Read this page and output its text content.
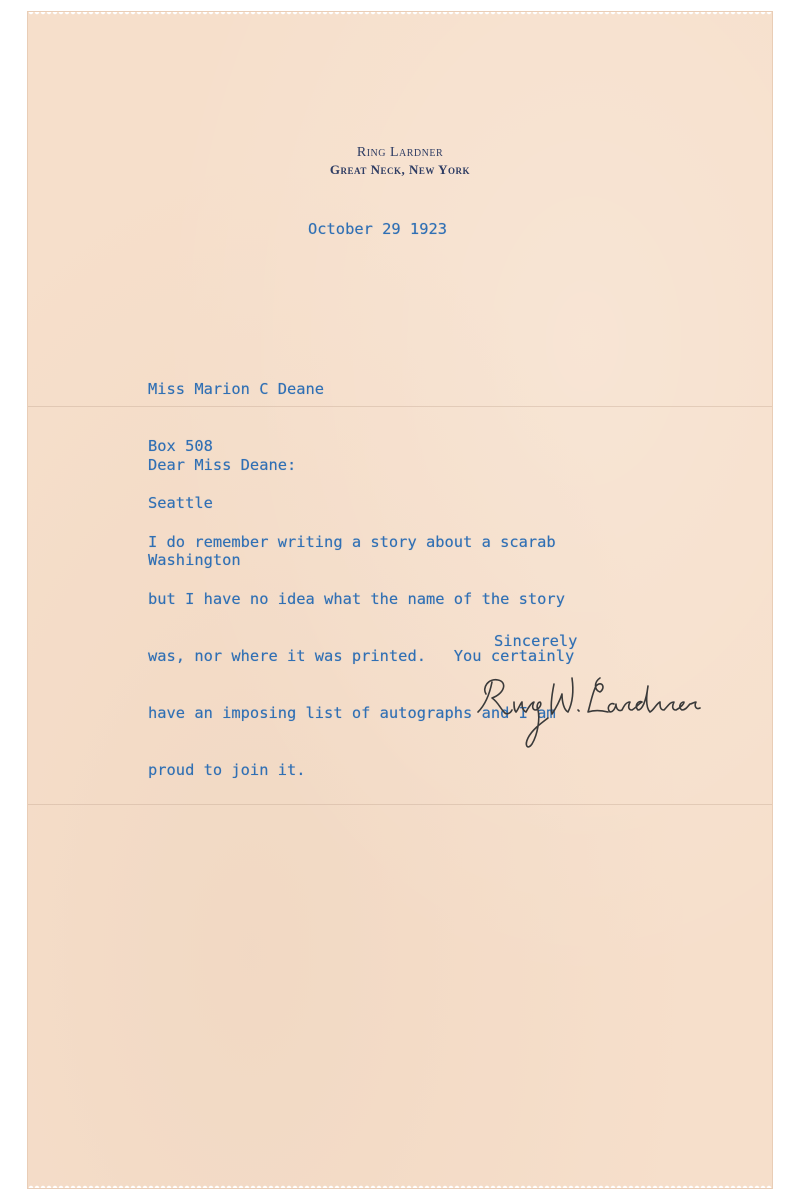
Ring Lardner
Great Neck, New York
October 29 1923

Miss Marion C Deane

Box 508

Seattle

Washington

Dear Miss Deane:

I do remember writing a story about a scarab

but I have no idea what the name of the story

was, nor where it was printed.   You certainly

have an imposing list of autographs and I am

proud to join it.

Sincerely
